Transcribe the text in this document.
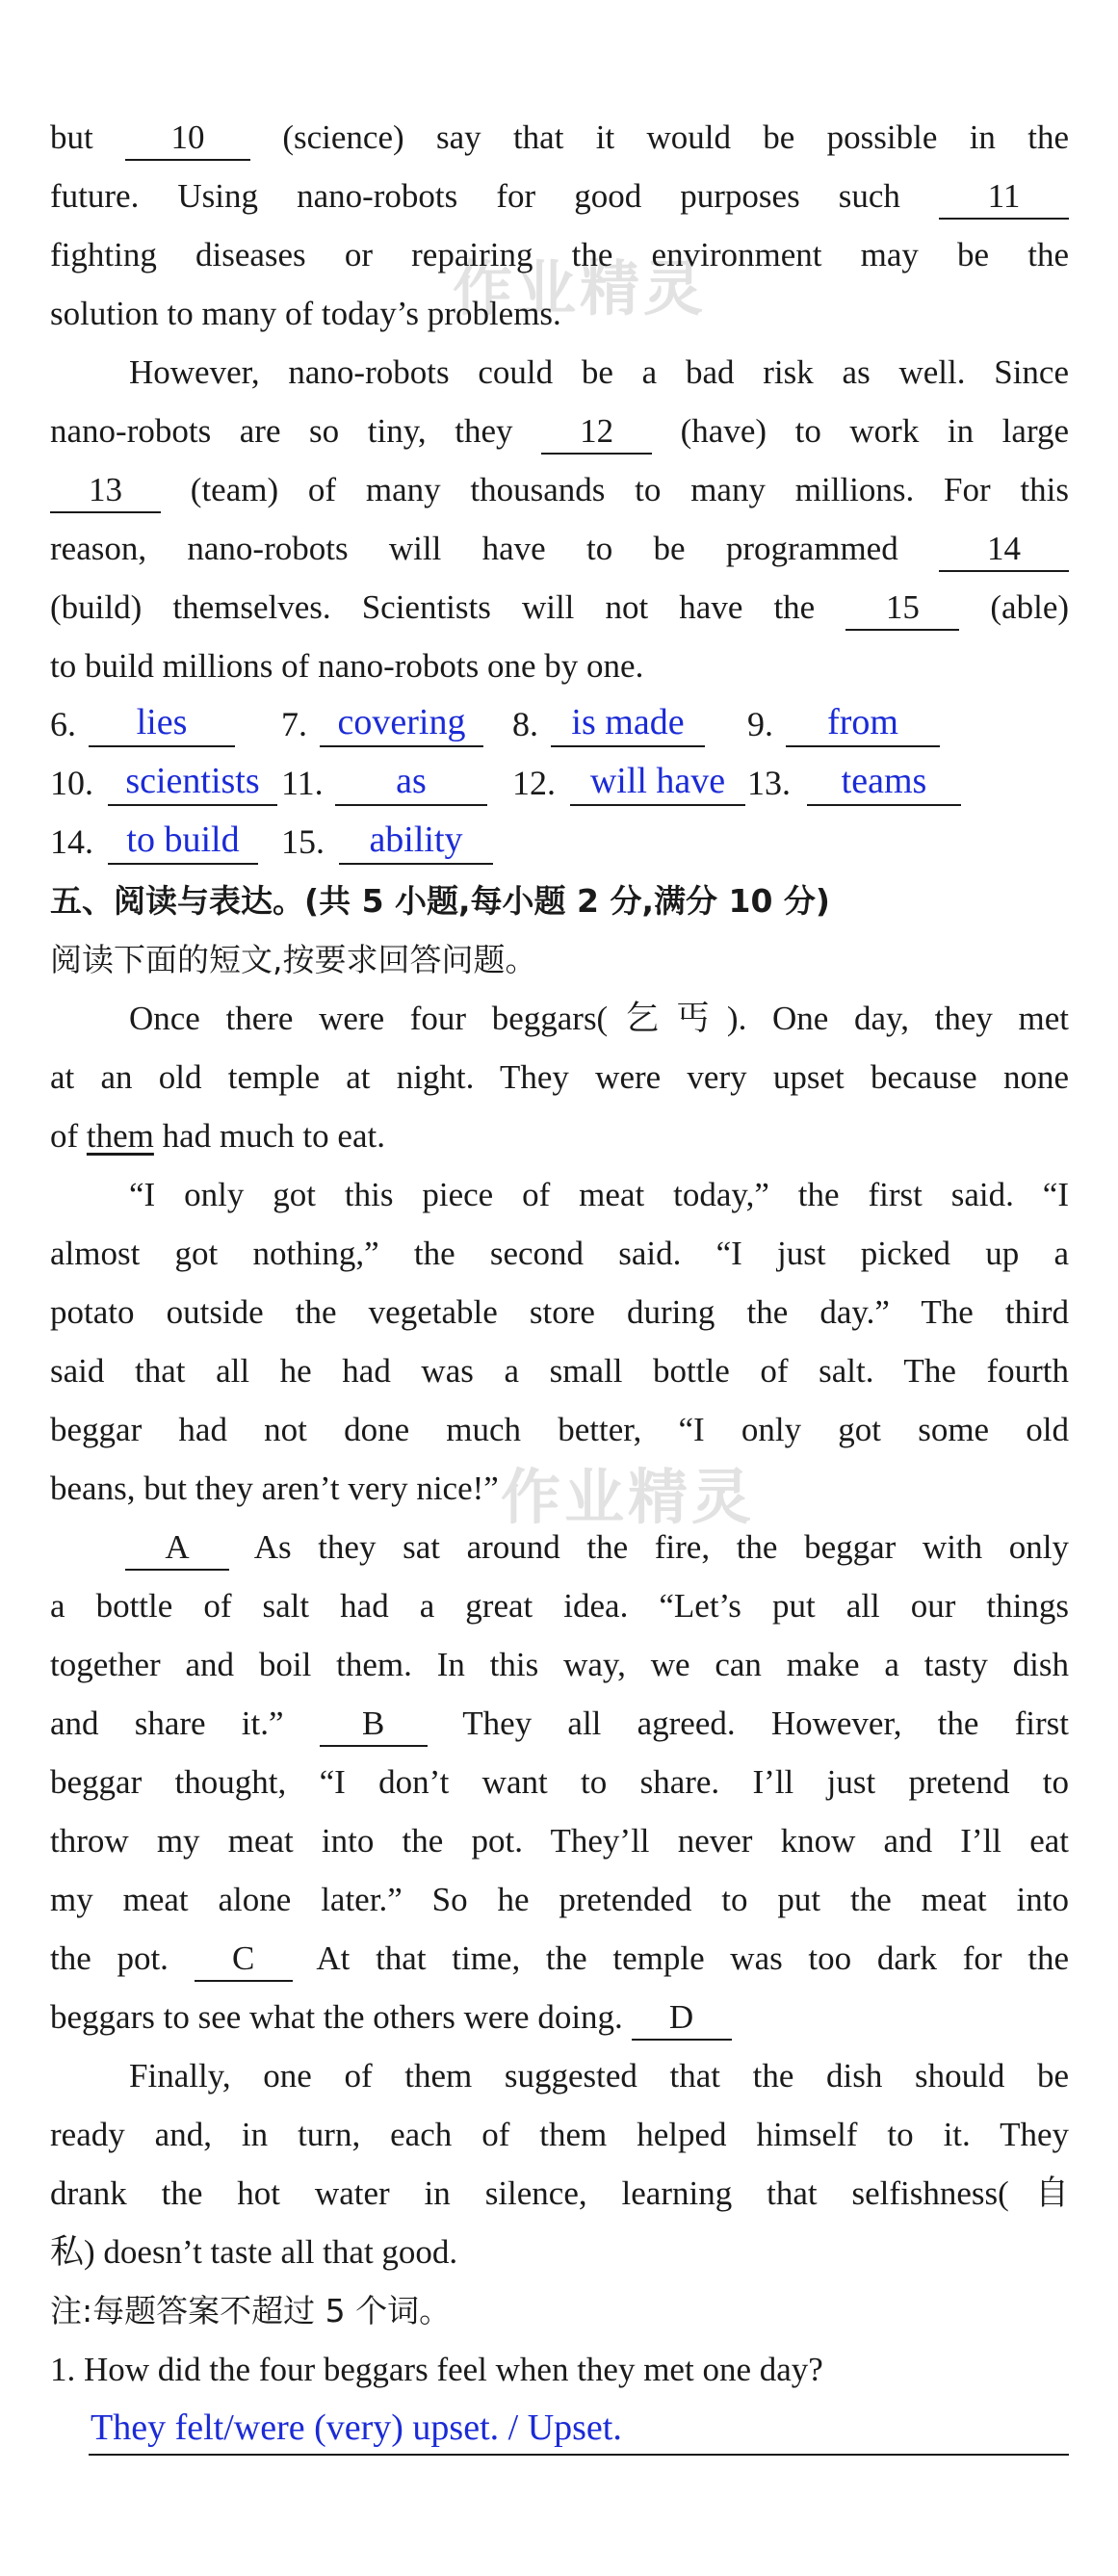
作业精灵
作业精灵
but 10 (science) say that it would be possible in the
future. Using nano-robots for good purposes such 11
fighting diseases or repairing the environment may be the
solution to many of today’s problems.
However, nano-robots could be a bad risk as well. Since
nano-robots are so tiny, they 12 (have) to work in large
13 (team) of many thousands to many millions. For this
reason, nano-robots will have to be programmed 14
(build) themselves. Scientists will not have the 15 (able)
to build millions of nano-robots one by one.
6.	lies	7. covering	8. is made	9.	from
10. scientists 11.	as	12. will have 13.	teams
14. to build	15.	ability
五、阅读与表达。(共 5 小题,每小题 2 分,满分 10 分)
阅读下面的短文,按要求回答问题。
Once there were four beggars(乞丐). One day, they met
at an old temple at night. They were very upset because none
of them had much to eat.
“I only got this piece of meat today,” the first said. “I
almost got nothing,” the second said. “I just picked up a
potato outside the vegetable store during the day.” The third
said that all he had was a small bottle of salt. The fourth
beggar had not done much better, “I only got some old
beans, but they aren’t very nice!”
A As they sat around the fire, the beggar with only
a bottle of salt had a great idea. “Let’s put all our things
together and boil them. In this way, we can make a tasty dish
and share it.” B They all agreed. However, the first
beggar thought, “I don’t want to share. I’ll just pretend to
throw my meat into the pot. They’ll never know and I’ll eat
my meat alone later.” So he pretended to put the meat into
the pot. C At that time, the temple was too dark for the
beggars to see what the others were doing. D
Finally, one of them suggested that the dish should be
ready and, in turn, each of them helped himself to it. They
drank the hot water in silence, learning that selfishness(自
私) doesn’t taste all that good.
注:每题答案不超过 5 个词。
1. How did the four beggars feel when they met one day?
They felt/were (very) upset. / Upset.
